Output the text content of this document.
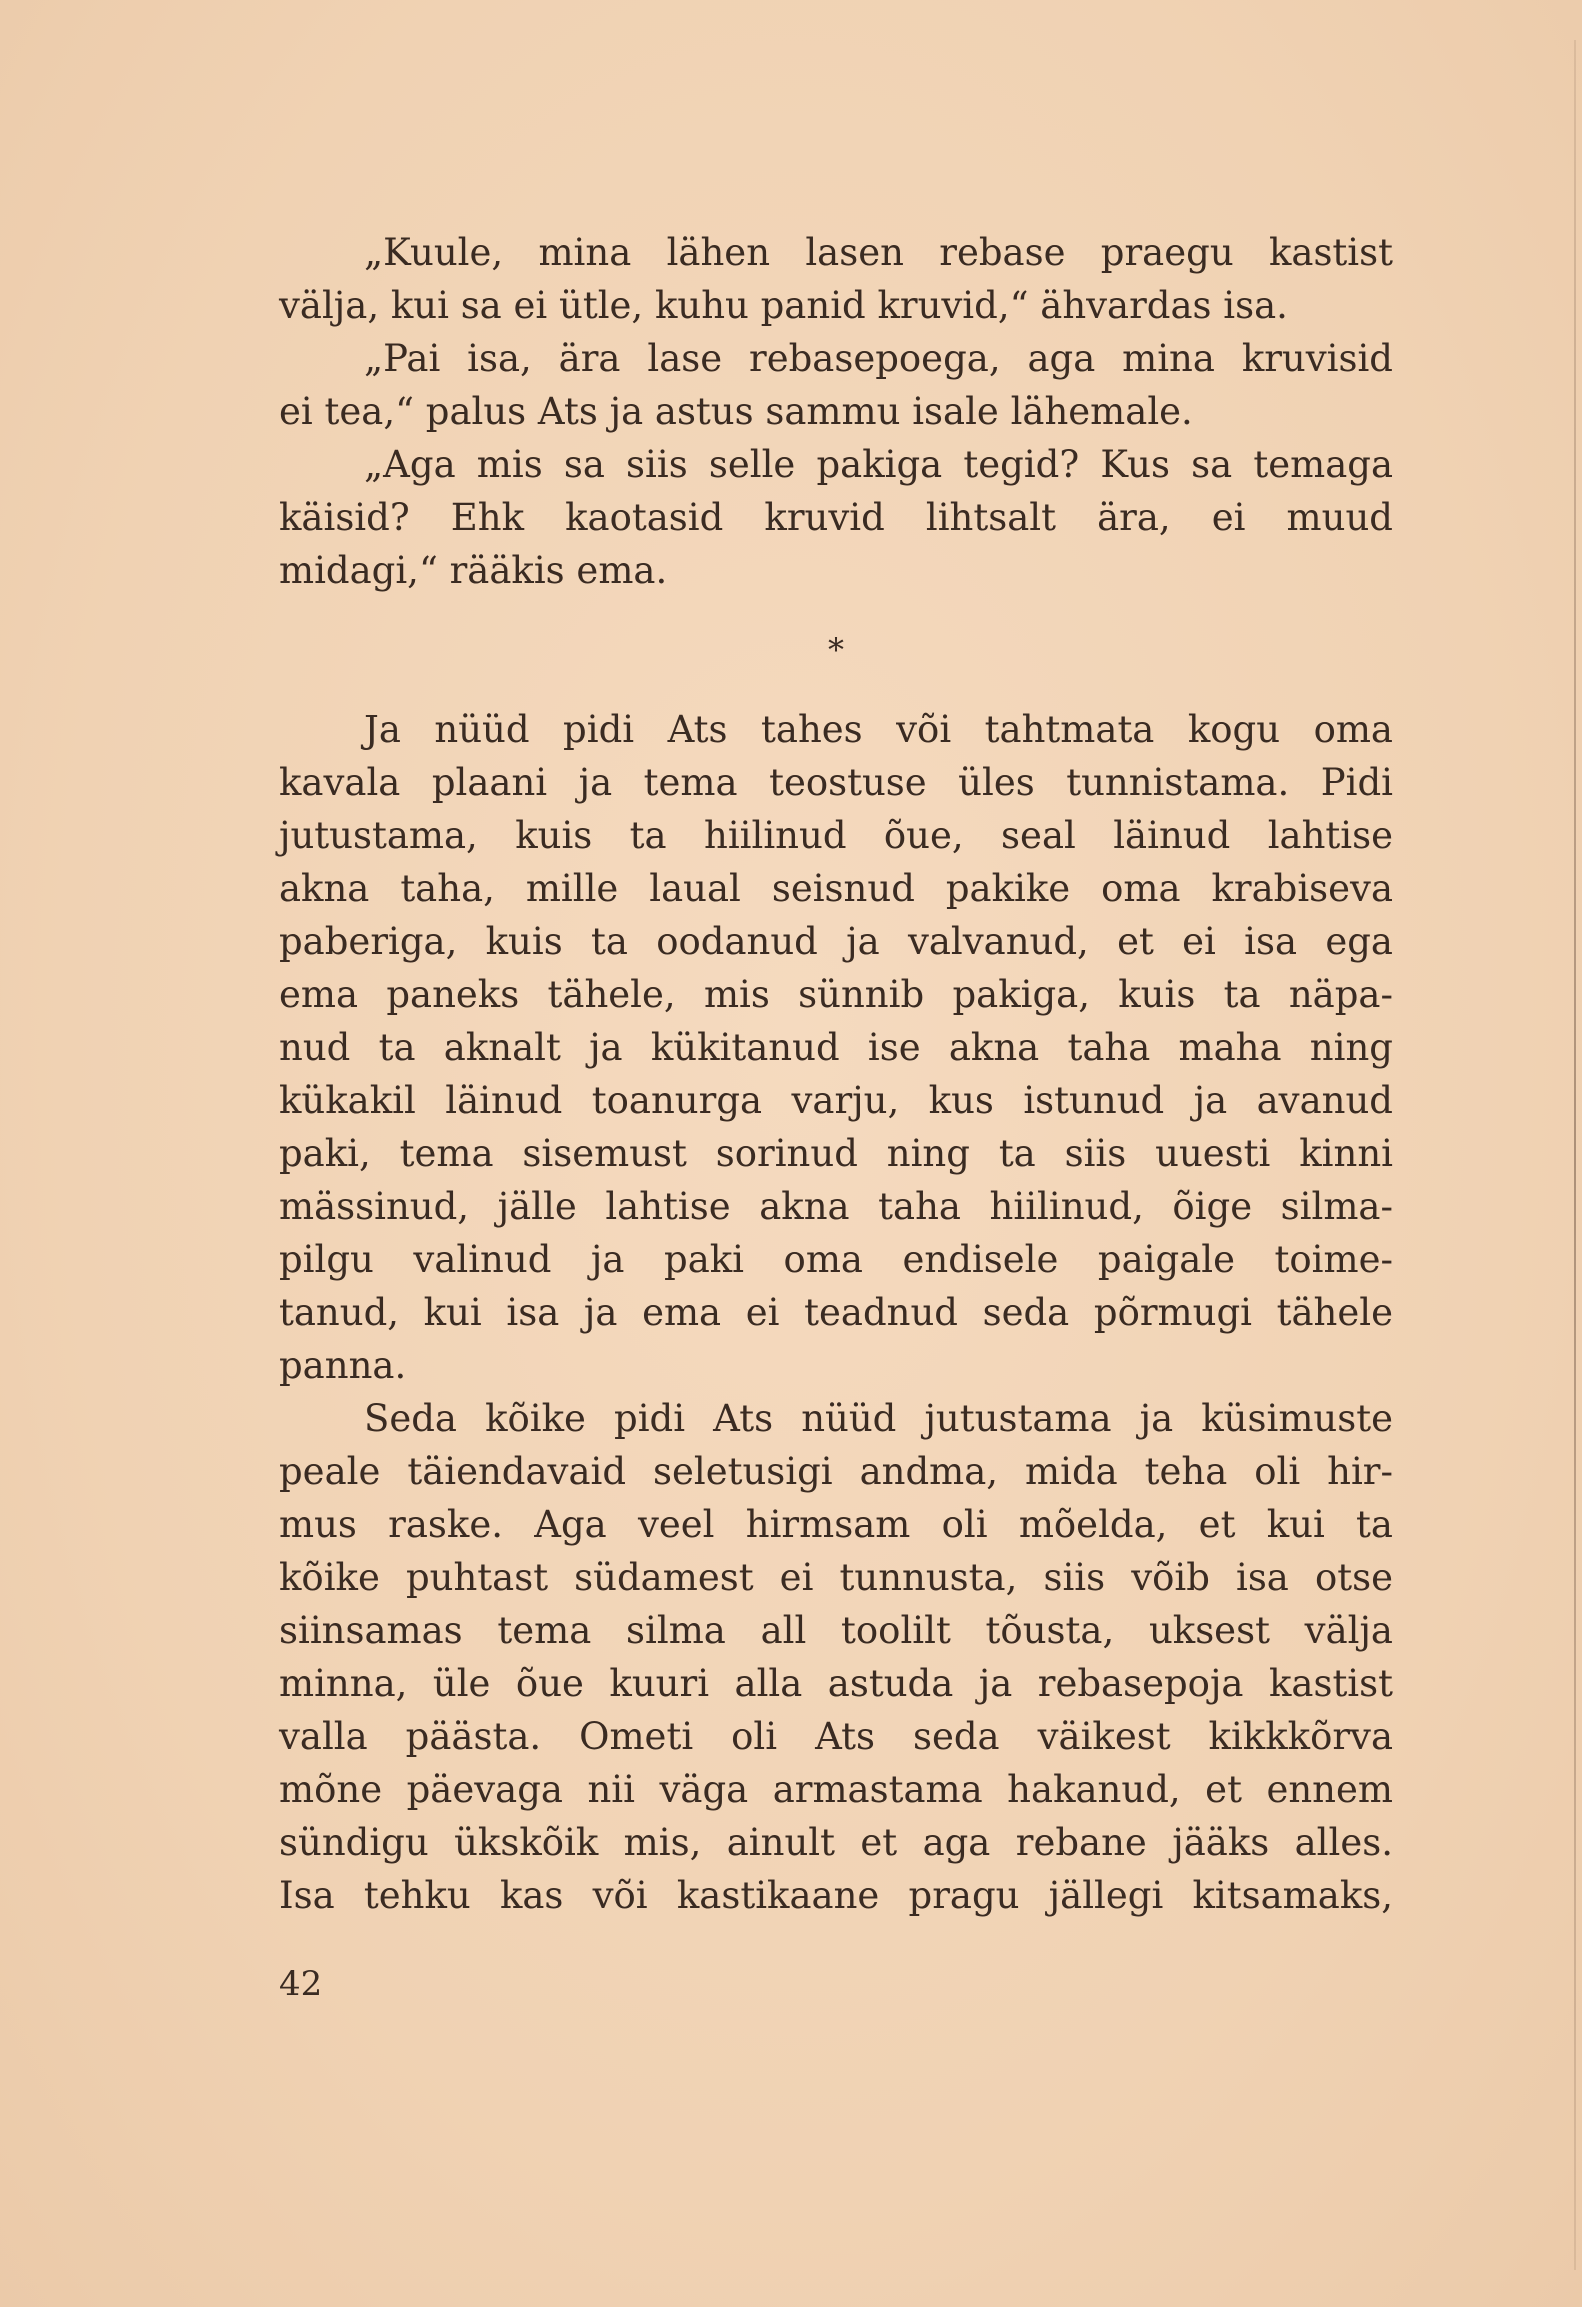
„Kuule, mina lähen lasen rebase praegu kastist
välja, kui sa ei ütle, kuhu panid kruvid,“ ähvardas isa.
„Pai isa, ära lase rebasepoega, aga mina kruvisid
ei tea,“ palus Ats ja astus sammu isale lähemale.
„Aga mis sa siis selle pakiga tegid? Kus sa temaga
käisid? Ehk kaotasid kruvid lihtsalt ära, ei muud
midagi,“ rääkis ema.
*
Ja nüüd pidi Ats tahes või tahtmata kogu oma
kavala plaani ja tema teostuse üles tunnistama. Pidi
jutustama, kuis ta hiilinud õue, seal läinud lahtise
akna taha, mille laual seisnud pakike oma krabiseva
paberiga, kuis ta oodanud ja valvanud, et ei isa ega
ema paneks tähele, mis sünnib pakiga, kuis ta näpa-
nud ta aknalt ja kükitanud ise akna taha maha ning
kükakil läinud toanurga varju, kus istunud ja avanud
paki, tema sisemust sorinud ning ta siis uuesti kinni
mässinud, jälle lahtise akna taha hiilinud, õige silma-
pilgu valinud ja paki oma endisele paigale toime-
tanud, kui isa ja ema ei teadnud seda põrmugi tähele
panna.
Seda kõike pidi Ats nüüd jutustama ja küsimuste
peale täiendavaid seletusigi andma, mida teha oli hir-
mus raske. Aga veel hirmsam oli mõelda, et kui ta
kõike puhtast südamest ei tunnusta, siis võib isa otse
siinsamas tema silma all toolilt tõusta, uksest välja
minna, üle õue kuuri alla astuda ja rebasepoja kastist
valla päästa. Ometi oli Ats seda väikest kikkkõrva
mõne päevaga nii väga armastama hakanud, et ennem
sündigu ükskõik mis, ainult et aga rebane jääks alles.
Isa tehku kas või kastikaane pragu jällegi kitsamaks,
42
